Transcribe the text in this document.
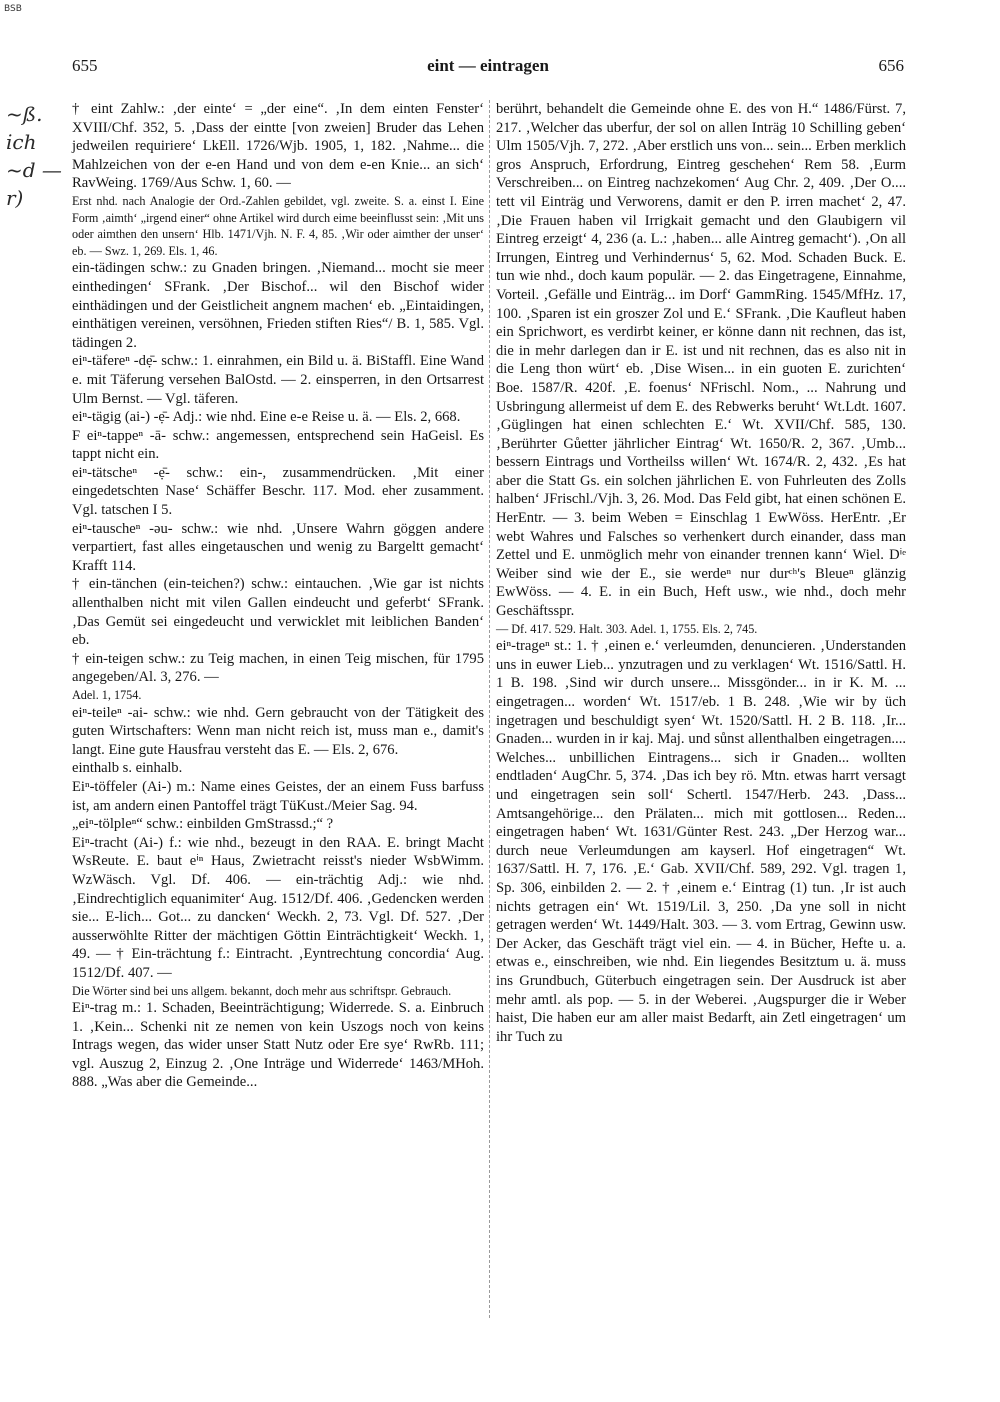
BSB
655	eint — eintragen	656
~ß.
ich
~d —
r)

† eint Zahlw.: ‚der einte‘ = „der eine“. ‚In dem einten Fenster‘ XVIII/Chf. 352, 5. ‚Dass der eintte [von zweien] Bruder das Lehen jedweilen requiriere‘ LkEll. 1726/Wjb. 1905, 1, 182. ‚Nahme... die Mahlzeichen von der e-en Hand und von dem e-en Knie... an sich‘ RavWeing. 1769/Aus Schw. 1, 60. —

Erst nhd. nach Analogie der Ord.-Zahlen gebildet, vgl. zweite. S. a. einst I. Eine Form ‚aimth‘ „irgend einer“ ohne Artikel wird durch eime beeinflusst sein: ‚Mit uns oder aimthen den unsern‘ Hlb. 1471/Vjh. N. F. 4, 85. ‚Wir oder aimther der unser‘ eb. — Swz. 1, 269. Els. 1, 46.

ein-tädingen schw.: zu Gnaden bringen. ‚Niemand... mocht sie meer einthedingen‘ SFrank. ‚Der Bischof... wil den Bischof wider einthädingen und der Geistlicheit angnem machen‘ eb. „Eintaidingen, einthätigen vereinen, versöhnen, Frieden stiften Ries“/ B. 1, 585. Vgl. tädingen 2.

eiⁿ-täfereⁿ -dẹ̄- schw.: 1. einrahmen, ein Bild u. ä. BiStaffl. Eine Wand e. mit Täferung versehen BalOstd. — 2. einsperren, in den Ortsarrest Ulm Bernst. — Vgl. täferen.

eiⁿ-tägig (ai-) -ẹ̄- Adj.: wie nhd. Eine e-e Reise u. ä. — Els. 2, 668.

F eiⁿ-tappeⁿ -ā- schw.: angemessen, entsprechend sein HaGeisl. Es tappt nicht ein.

eiⁿ-tätscheⁿ -ẹ̄- schw.: ein-, zusammendrücken. ‚Mit einer eingedetschten Nase‘ Schäffer Beschr. 117. Mod. eher zusamment. Vgl. tatschen I 5.

eiⁿ-tauscheⁿ -əu- schw.: wie nhd. ‚Unsere Wahrn göggen andere verpartiert, fast alles eingetauschen und wenig zu Bargeltt gemacht‘ Krafft 114.

† ein-tänchen (ein-teichen?) schw.: eintauchen. ‚Wie gar ist nichts allenthalben nicht mit vilen Gallen eindeucht und geferbt‘ SFrank. ‚Das Gemüt sei eingedeucht und verwicklet mit leiblichen Banden‘ eb.

† ein-teigen schw.: zu Teig machen, in einen Teig mischen, für 1795 angegeben/Al. 3, 276. —

Adel. 1, 1754.

eiⁿ-teileⁿ -ai- schw.: wie nhd. Gern gebraucht von der Tätigkeit des guten Wirtschafters: Wenn man nicht reich ist, muss man e., damit's langt. Eine gute Hausfrau versteht das E. — Els. 2, 676.

einthalb s. einhalb.

Eiⁿ-töffeler (Ai-) m.: Name eines Geistes, der an einem Fuss barfuss ist, am andern einen Pantoffel trägt TüKust./Meier Sag. 94.

„eiⁿ-tölpleⁿ“ schw.: einbilden GmStrassd.;“ ?

Eiⁿ-tracht (Ai-) f.: wie nhd., bezeugt in den RAA. E. bringt Macht WsReute. E. baut eⁱⁿ Haus, Zwietracht reisst's nieder WsbWimm. WzWäsch. Vgl. Df. 406. — ein-trächtig Adj.: wie nhd. ‚Eindrechtiglich equanimiter‘ Aug. 1512/Df. 406. ‚Gedencken werden sie... E-lich... Got... zu dancken‘ Weckh. 2, 73. Vgl. Df. 527. ‚Der ausserwöhlte Ritter der mächtigen Göttin Einträchtigkeit‘ Weckh. 1, 49. — † Ein-trächtung f.: Eintracht. ‚Eyntrechtung concordia‘ Aug. 1512/Df. 407. —

Die Wörter sind bei uns allgem. bekannt, doch mehr aus schriftspr. Gebrauch.

Eiⁿ-trag m.: 1. Schaden, Beeinträchtigung; Widerrede. S. a. Einbruch 1. ‚Kein... Schenki nit ze nemen von kein Uszogs noch von keins Intrags wegen, das wider unser Statt Nutz oder Ere sye‘ RwRb. 111; vgl. Auszug 2, Einzug 2. ‚One Inträge und Widerrede‘ 1463/MHoh. 888. „Was aber die Gemeinde...

berührt, behandelt die Gemeinde ohne E. des von H.“ 1486/Fürst. 7, 217. ‚Welcher das uberfur, der sol on allen Inträg 10 Schilling geben‘ Ulm 1505/Vjh. 7, 272. ‚Aber erstlich uns von... sein... Erben merklich gros Anspruch, Erfordrung, Eintreg geschehen‘ Rem 58. ‚Eurm Verschreiben... on Eintreg nachzekomen‘ Aug Chr. 2, 409. ‚Der O.... tett vil Einträg und Verworens, damit er den P. irren machet‘ 2, 47. ‚Die Frauen haben vil Irrigkait gemacht und den Glaubigern vil Eintreg erzeigt‘ 4, 236 (a. L.: ‚haben... alle Aintreg gemacht‘). ‚On all Irrungen, Eintreg und Verhindernus‘ 5, 62. Mod. Schaden Buck. E. tun wie nhd., doch kaum populär. — 2. das Eingetragene, Einnahme, Vorteil. ‚Gefälle und Einträg... im Dorf‘ GammRing. 1545/MfHz. 17, 100. ‚Sparen ist ein groszer Zol und E.‘ SFrank. ‚Die Kaufleut haben ein Sprichwort, es verdirbt keiner, er könne dann nit rechnen, das ist, die in mehr darlegen dan ir E. ist und nit rechnen, das es also nit in die Leng thon würt‘ eb. ‚Dise Wisen... in ein guoten E. zurichten‘ Boe. 1587/R. 420f. ‚E. foenus‘ NFrischl. Nom., ... Nahrung und Usbringung allermeist uf dem E. des Rebwerks beruht‘ Wt.Ldt. 1607. ‚Güglingen hat einen schlechten E.‘ Wt. XVII/Chf. 585, 130. ‚Berührter Gůetter jährlicher Eintrag‘ Wt. 1650/R. 2, 367. ‚Umb... bessern Eintrags und Vortheilss willen‘ Wt. 1674/R. 2, 432. ‚Es hat aber die Statt Gs. ein solchen jährlichen E. von Fuhrleuten des Zolls halben‘ JFrischl./Vjh. 3, 26. Mod. Das Feld gibt, hat einen schönen E. HerEntr. — 3. beim Weben = Einschlag 1 EwWöss. HerEntr. ‚Er webt Wahres und Falsches so verhenkert durch einander, dass man Zettel und E. unmöglich mehr von einander trennen kann‘ Wiel. Dⁱᵉ Weiber sind wie der E., sie werdeⁿ nur durᶜʰ's Bleueⁿ glänzig EwWöss. — 4. E. in ein Buch, Heft usw., wie nhd., doch mehr Geschäftsspr.

— Df. 417. 529. Halt. 303. Adel. 1, 1755. Els. 2, 745.

eiⁿ-trageⁿ st.: 1. † ‚einen e.‘ verleumden, denuncieren. ‚Understanden uns in euwer Lieb... ynzutragen und zu verklagen‘ Wt. 1516/Sattl. H. 1 B. 198. ‚Sind wir durch unsere... Missgönder... in ir K. M. ... eingetragen... worden‘ Wt. 1517/eb. 1 B. 248. ‚Wie wir by üch ingetragen und beschuldigt syen‘ Wt. 1520/Sattl. H. 2 B. 118. ‚Ir... Gnaden... wurden in ir kaj. Maj. und sůnst allenthalben eingetragen.... Welches... unbillichen Eintragens... sich ir Gnaden... wollten endtladen‘ AugChr. 5, 374. ‚Das ich bey rö. Mtn. etwas harrt versagt und eingetragen sein soll‘ Schertl. 1547/Herb. 243. ‚Dass... Amtsangehörige... den Prälaten... mich mit gottlosen... Reden... eingetragen haben‘ Wt. 1631/Günter Rest. 243. „Der Herzog war... durch neue Verleumdungen am kayserl. Hof eingetragen“ Wt. 1637/Sattl. H. 7, 176. ‚E.‘ Gab. XVII/Chf. 589, 292. Vgl. tragen 1, Sp. 306, einbilden 2. — 2. † ‚einem e.‘ Eintrag (1) tun. ‚Ir ist auch nichts getragen ein‘ Wt. 1519/Lil. 3, 250. ‚Da yne soll in nicht getragen werden‘ Wt. 1449/Halt. 303. — 3. vom Ertrag, Gewinn usw. Der Acker, das Geschäft trägt viel ein. — 4. in Bücher, Hefte u. a. etwas e., einschreiben, wie nhd. Ein liegendes Besitztum u. ä. muss ins Grundbuch, Güterbuch eingetragen sein. Der Ausdruck ist aber mehr amtl. als pop. — 5. in der Weberei. ‚Augspurger die ir Weber haist, Die haben eur am aller maist Bedarft, ain Zetl eingetragen‘ um ihr Tuch zu
